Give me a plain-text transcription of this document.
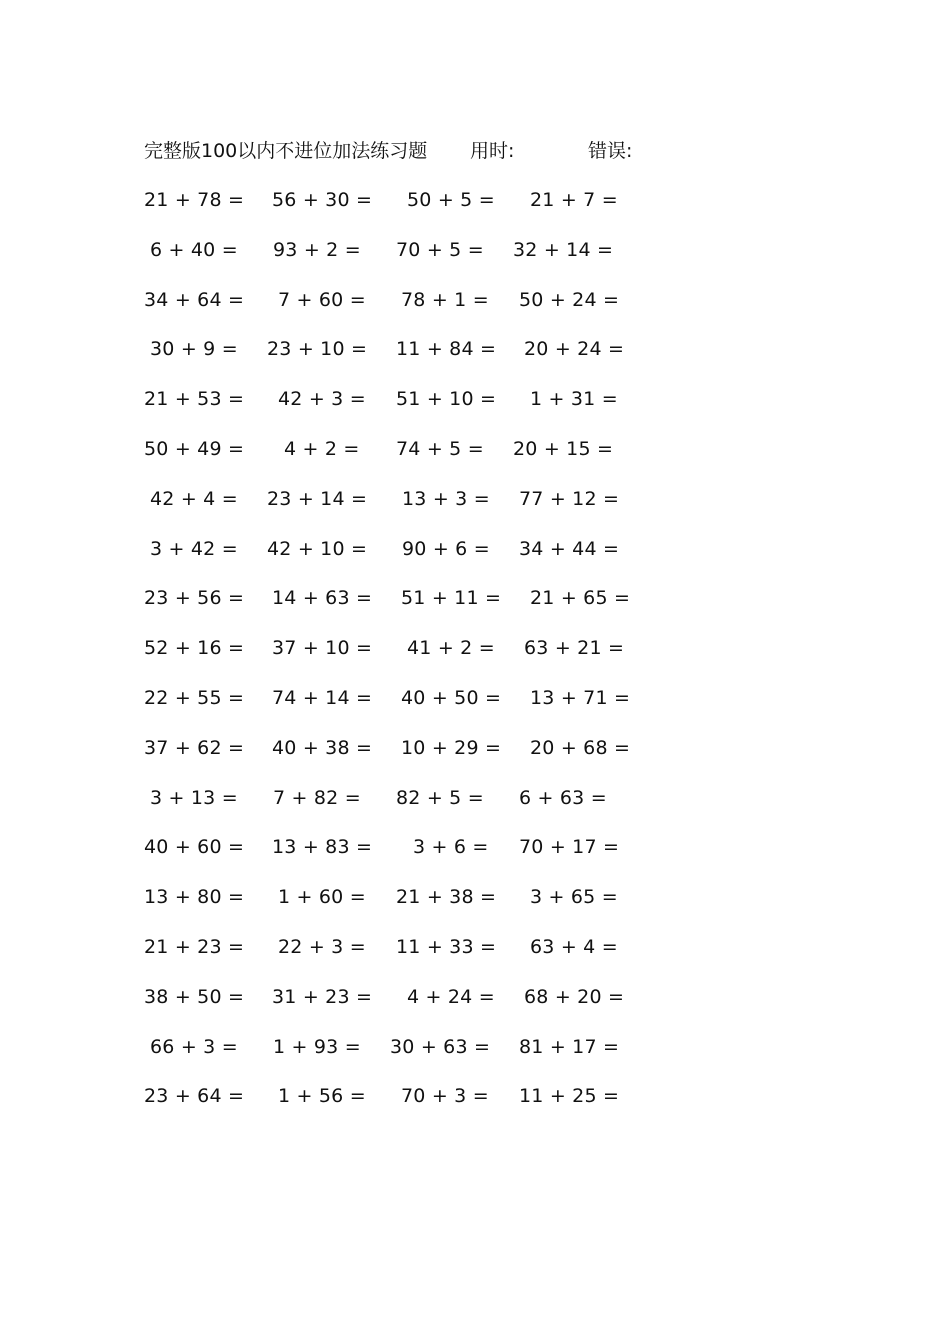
完整版100以内不进位加法练习题 用时:	错误:
21 + 78 = 56 + 30 = 50 + 5 = 21 + 7 =
6 + 40 = 93 + 2 = 70 + 5 = 32 + 14 =
34 + 64 = 7 + 60 = 78 + 1 = 50 + 24 =
30 + 9 = 23 + 10 = 11 + 84 = 20 + 24 =
21 + 53 = 42 + 3 = 51 + 10 = 1 + 31 =
50 + 49 = 4 + 2 = 74 + 5 = 20 + 15 =
42 + 4 = 23 + 14 = 13 + 3 = 77 + 12 =
3 + 42 = 42 + 10 = 90 + 6 = 34 + 44 =
23 + 56 = 14 + 63 = 51 + 11 = 21 + 65 =
52 + 16 = 37 + 10 = 41 + 2 = 63 + 21 =
22 + 55 = 74 + 14 = 40 + 50 = 13 + 71 =
37 + 62 = 40 + 38 = 10 + 29 = 20 + 68 =
3 + 13 = 7 + 82 = 82 + 5 = 6 + 63 =
40 + 60 = 13 + 83 = 3 + 6 = 70 + 17 =
13 + 80 = 1 + 60 = 21 + 38 = 3 + 65 =
21 + 23 = 22 + 3 = 11 + 33 = 63 + 4 =
38 + 50 = 31 + 23 = 4 + 24 = 68 + 20 =
66 + 3 = 1 + 93 = 30 + 63 = 81 + 17 =
23 + 64 = 1 + 56 = 70 + 3 = 11 + 25 =
